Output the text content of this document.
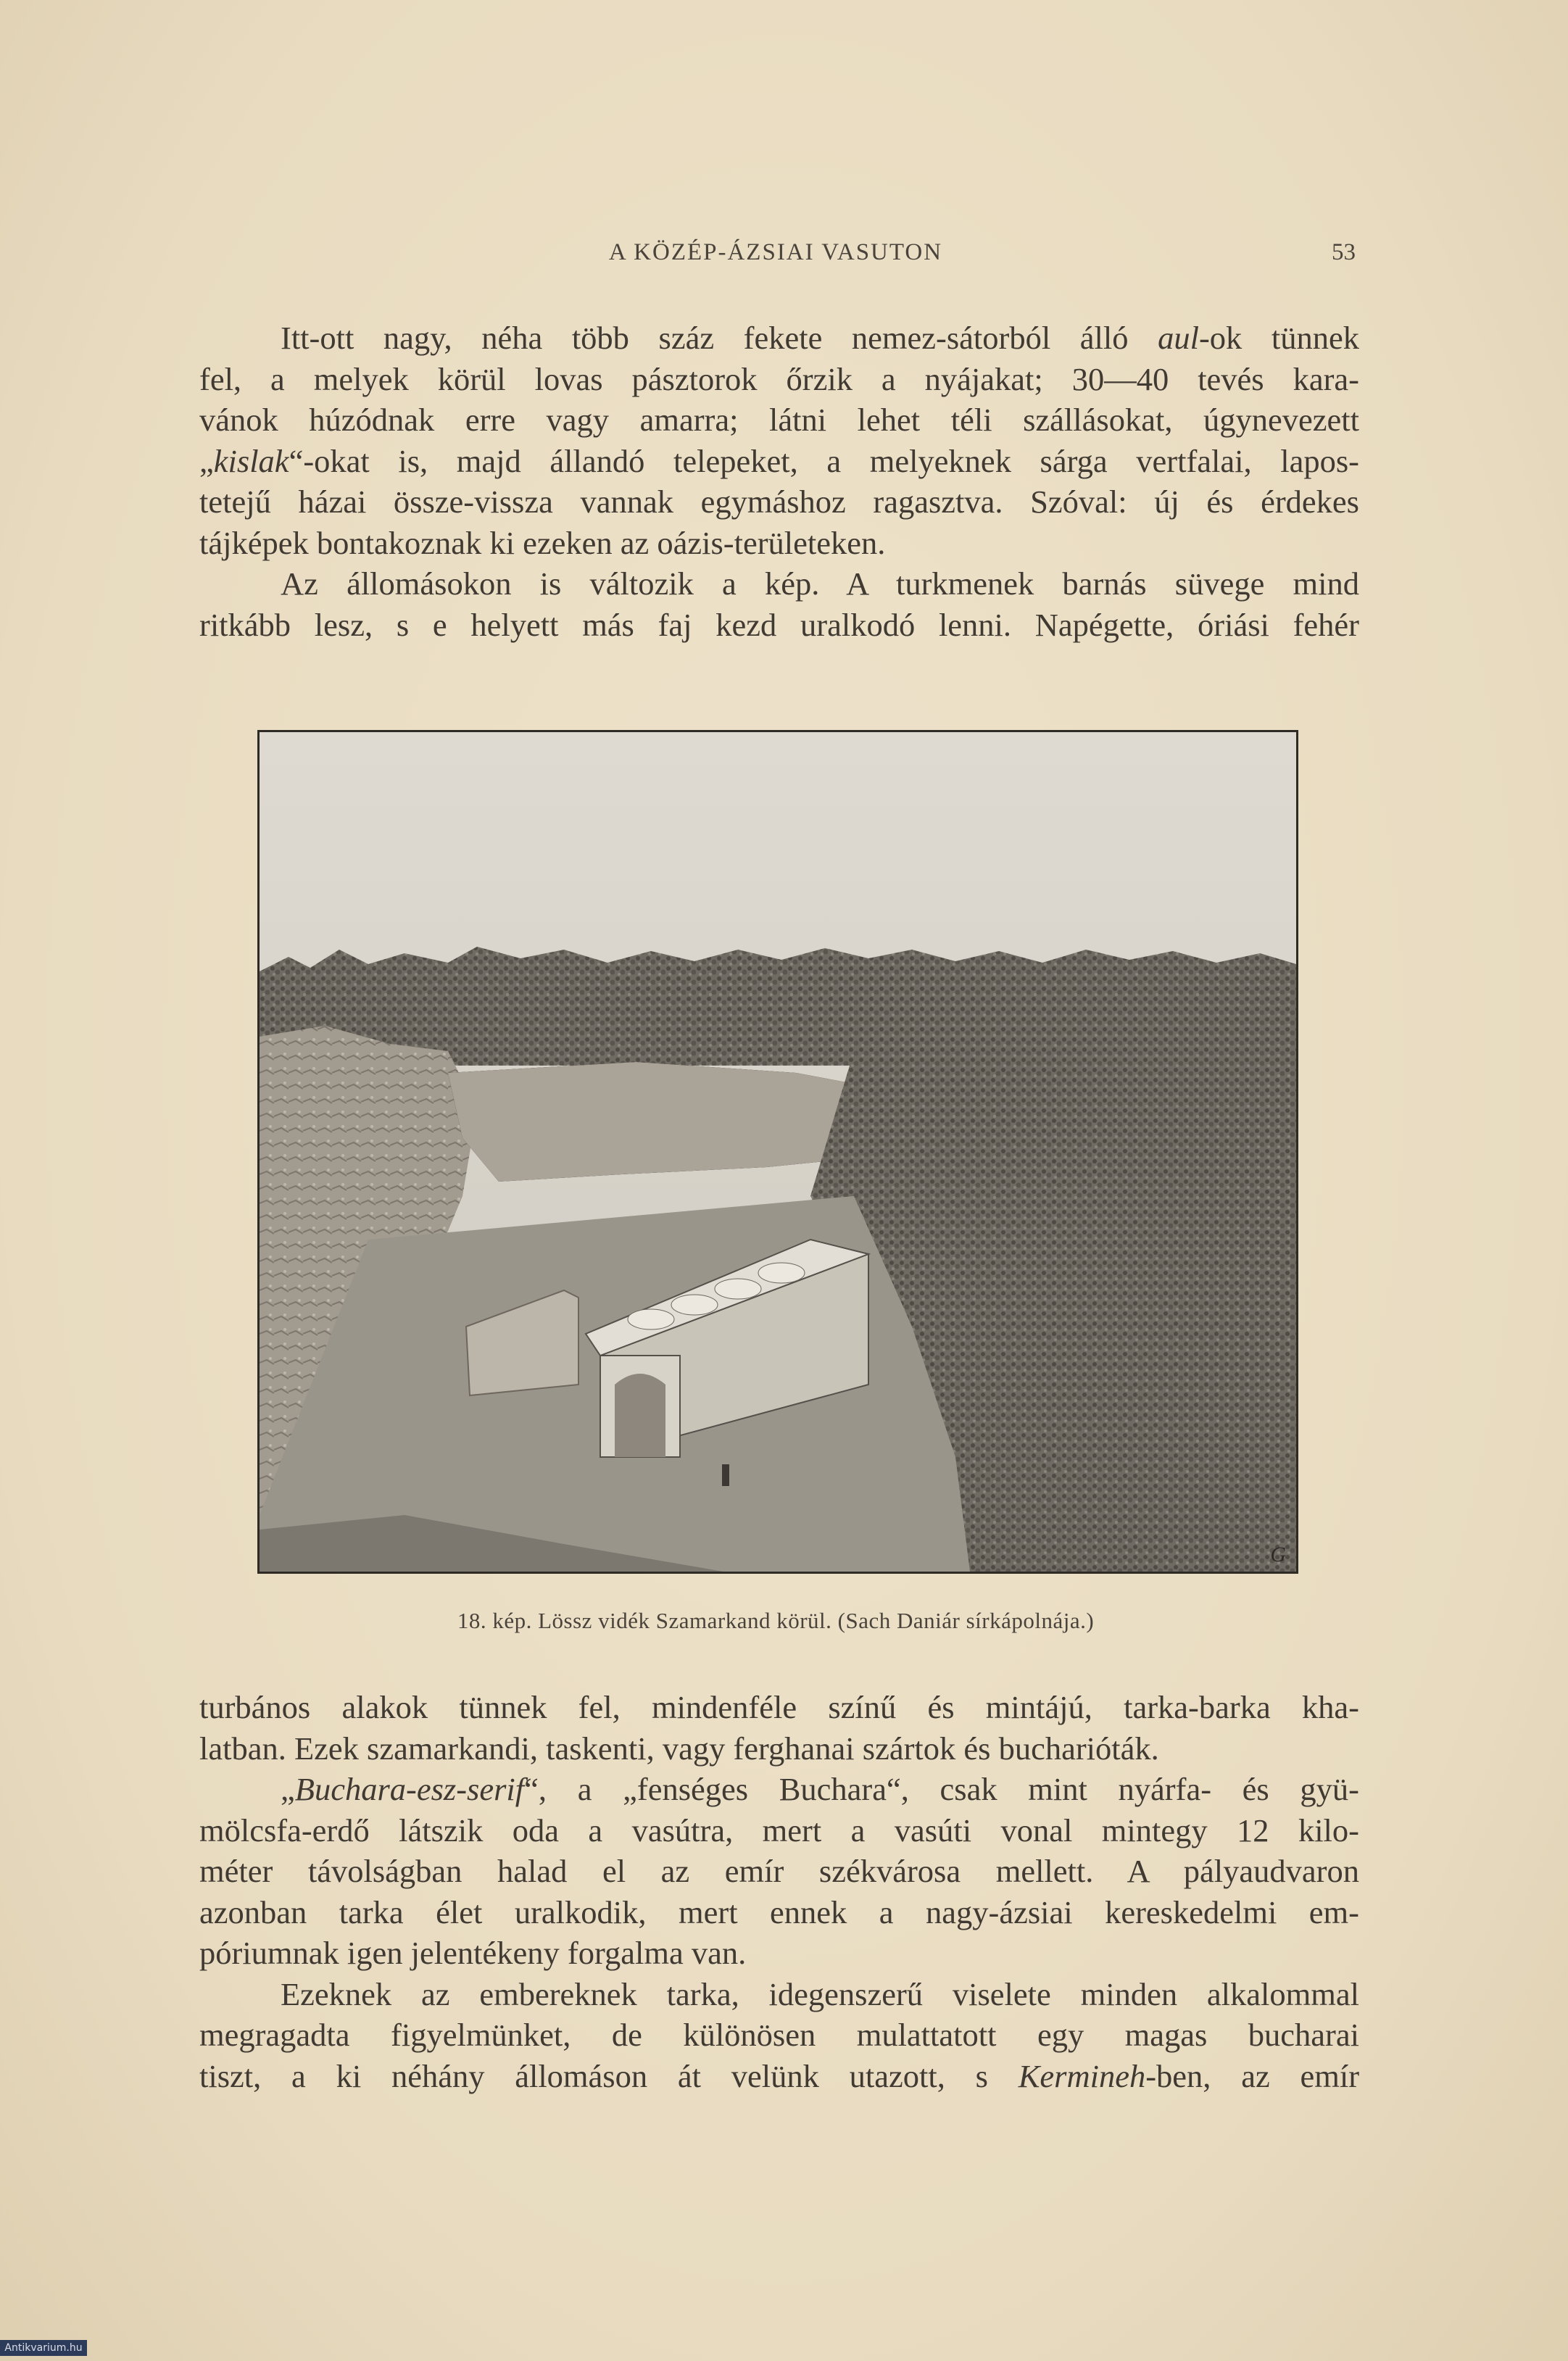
A KÖZÉP-ÁZSIAI VASUTON	53

Itt-ott nagy, néha több száz fekete nemez-sátorból álló aul-ok tünnek

fel, a melyek körül lovas pásztorok őrzik a nyájakat; 30—40 tevés kara-

vánok húzódnak erre vagy amarra; látni lehet téli szállásokat, úgynevezett

„kislak“-okat is, majd állandó telepeket, a melyeknek sárga vertfalai, lapos-

tetejű házai össze-vissza vannak egymáshoz ragasztva. Szóval: új és érdekes

tájképek bontakoznak ki ezeken az oázis-területeken.

Az állomásokon is változik a kép. A turkmenek barnás süvege mind

ritkább lesz, s e helyett más faj kezd uralkodó lenni. Napégette, óriási fehér

G
18. kép. Lössz vidék Szamarkand körül. (Sach Daniár sírkápolnája.)

turbános alakok tünnek fel, mindenféle színű és mintájú, tarka-barka kha-

latban. Ezek szamarkandi, taskenti, vagy ferghanai szártok és bucharióták.

„Buchara-esz-serif“, a „fenséges Buchara“, csak mint nyárfa- és gyü-

mölcsfa-erdő látszik oda a vasútra, mert a vasúti vonal mintegy 12 kilo-

méter távolságban halad el az emír székvárosa mellett. A pályaudvaron

azonban tarka élet uralkodik, mert ennek a nagy-ázsiai kereskedelmi em-

póriumnak igen jelentékeny forgalma van.

Ezeknek az embereknek tarka, idegenszerű viselete minden alkalommal

megragadta figyelmünket, de különösen mulattatott egy magas bucharai

tiszt, a ki néhány állomáson át velünk utazott, s Kermineh-ben, az emír

Antikvarium.hu
